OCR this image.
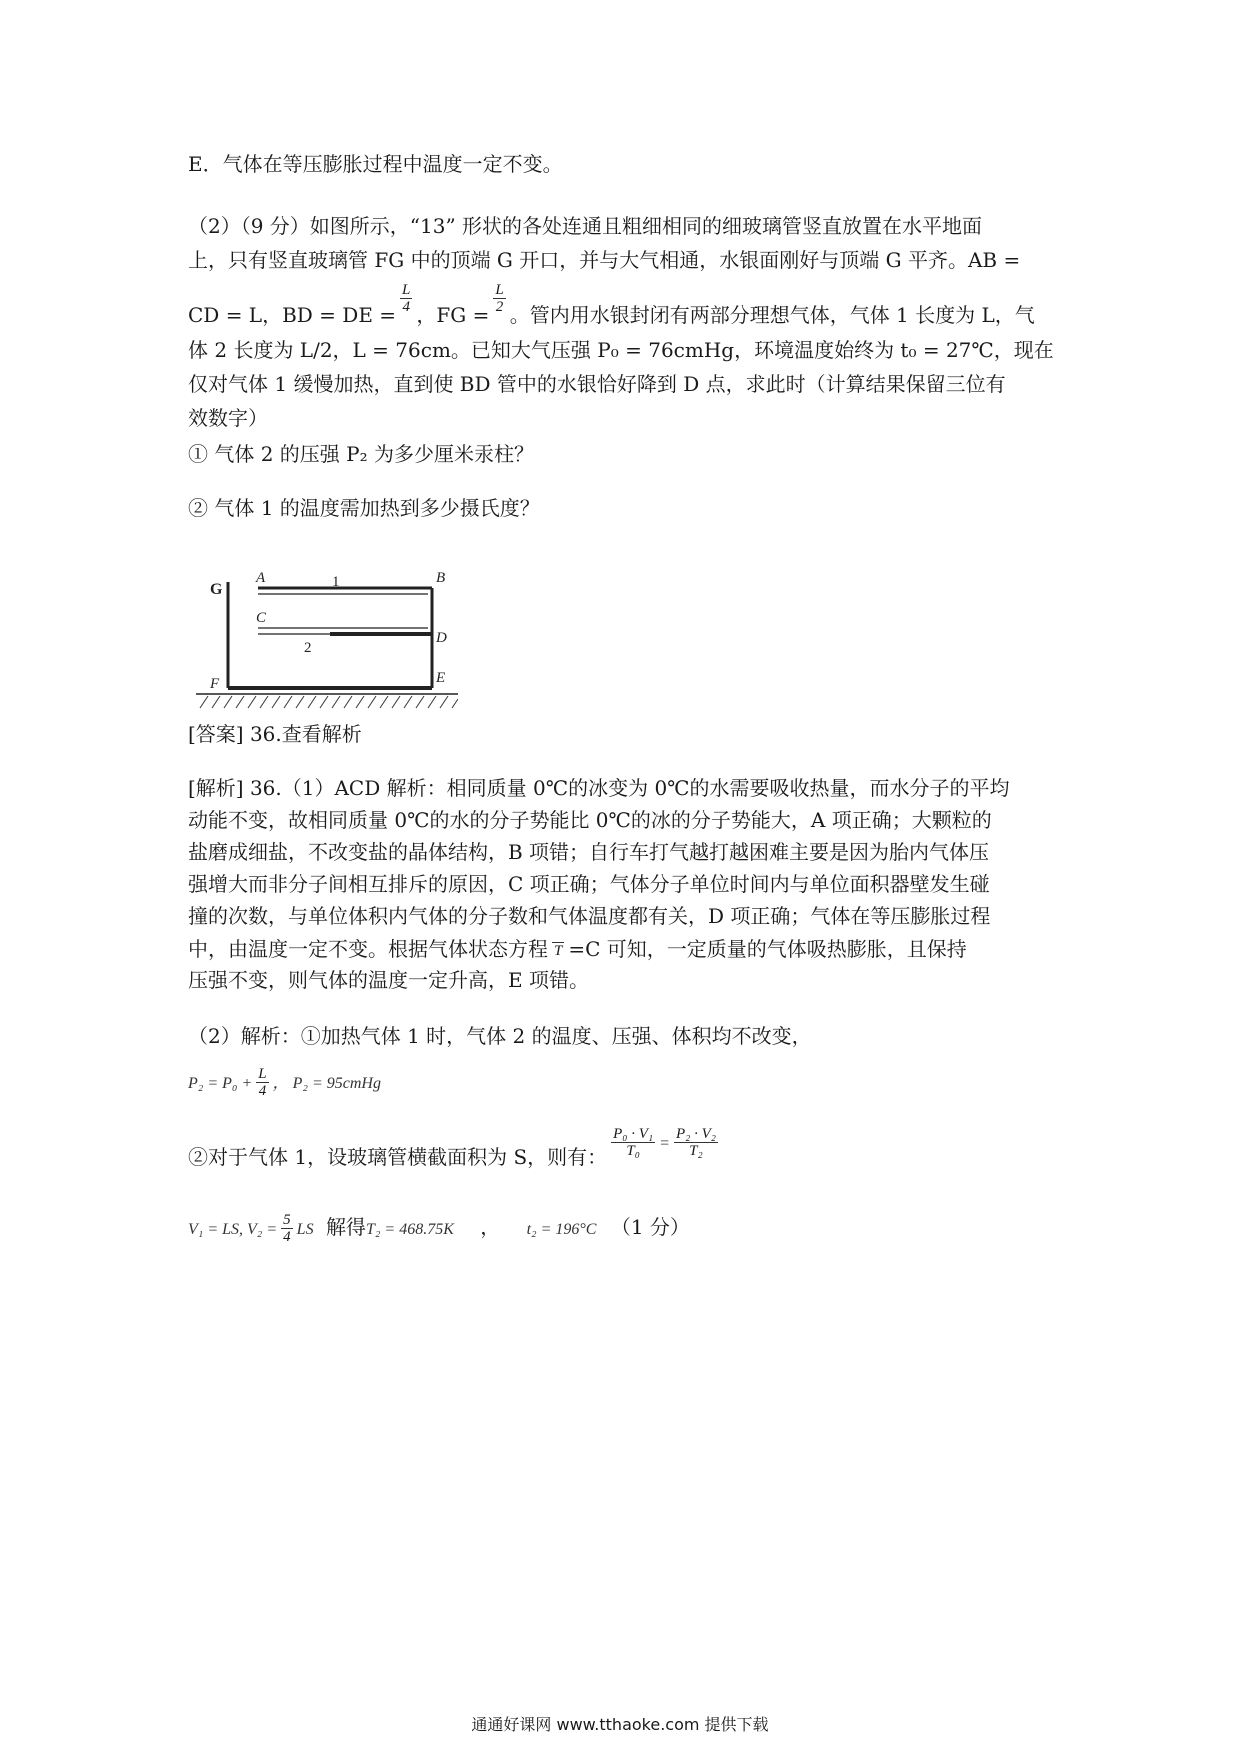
E．气体在等压膨胀过程中温度一定不变。
（2）（9 分）如图所示，“13” 形状的各处连通且粗细相同的细玻璃管竖直放置在水平地面
上，只有竖直玻璃管 FG 中的顶端 G 开口，并与大气相通，水银面刚好与顶端 G 平齐。AB =
CD = L，BD = DE = $\frac{L}{4}$ ，FG = $\frac{L}{2}$ 。管内用水银封闭有两部分理想气体，气体 1 长度为 L，气
体 2 长度为 L/2，L = 76cm。已知大气压强 P₀ = 76cmHg，环境温度始终为 t₀ = 27℃，现在
仅对气体 1 缓慢加热，直到使 BD 管中的水银恰好降到 D 点，求此时（计算结果保留三位有
效数字）
① 气体 2 的压强 P₂ 为多少厘米汞柱？
② 气体 1 的温度需加热到多少摄氏度？
G
A	B
C
D
E
F
1
2
[答案] 36.查看解析
[解析] 36.（1）ACD 解析：相同质量 0℃的冰变为 0℃的水需要吸收热量，而水分子的平均
动能不变，故相同质量 0℃的水的分子势能比 0℃的冰的分子势能大，A 项正确；大颗粒的
盐磨成细盐，不改变盐的晶体结构，B 项错；自行车打气越打越困难主要是因为胎内气体压
强增大而非分子间相互排斥的原因，C 项正确；气体分子单位时间内与单位面积器壁发生碰
撞的次数，与单位体积内气体的分子数和气体温度都有关，D 项正确；气体在等压膨胀过程
中，由温度一定不变。根据气体状态方程
T =C 可知，一定质量的气体吸热膨胀，且保持
压强不变，则气体的温度一定升高，E 项错。
（2）解析：①加热气体 1 时，气体 2 的温度、压强、体积均不改变，
$P_2 = P_0 + \frac{L}{4}$ ， P₂ = 95cmHg
②对于气体 1，设玻璃管横截面积为 S，则有： $\frac{\text{P₀ · V₁}}{\text{T₀}} ^= \frac{\text{P₂ · V₂}}{\text{T₂}}$
V₁ = LS, $V_2 = \frac{5}{4}$ LS 解得T₂ = 468.75K ， t₂ = 196°C （1 分）
通通好课网 www.tthaoke.com 提供下载
